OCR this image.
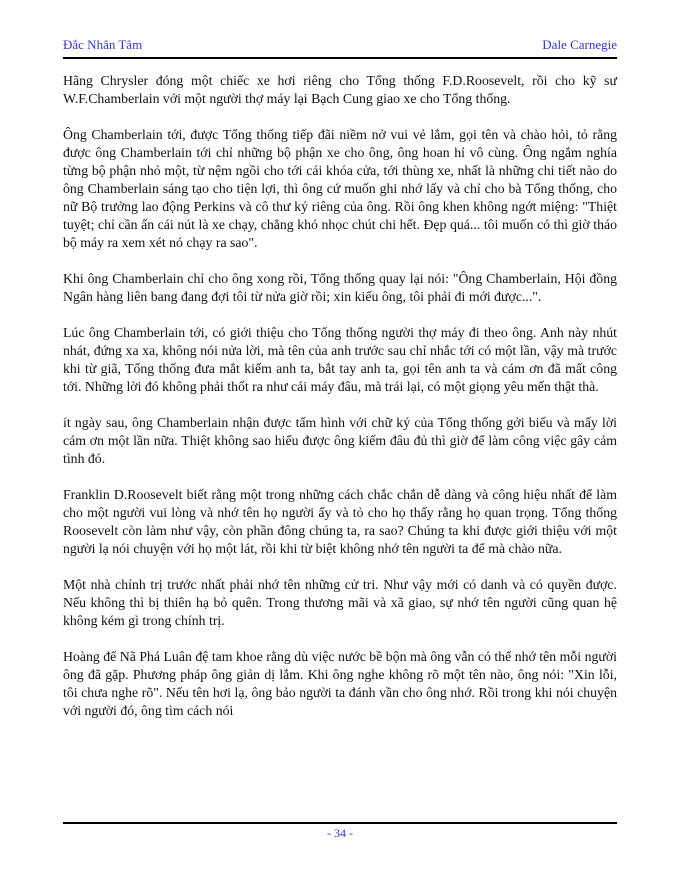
Đắc Nhân Tâm	Dale Carnegie

Hãng Chrysler đóng một chiếc xe hơi riêng cho Tổng thống F.D.Roosevelt, rồi cho kỹ sư W.F.Chamberlain với một người thợ máy lại Bạch Cung giao xe cho Tổng thống.

Ông Chamberlain tới, được Tổng thống tiếp đãi niềm nở vui vẻ lắm, gọi tên và chào hỏi, tỏ rằng được ông Chamberlain tới chỉ những bộ phận xe cho ông, ông hoan hỉ vô cùng. Ông ngắm nghía từng bộ phận nhỏ một, từ nệm ngồi cho tới cái khóa cửa, tới thùng xe, nhất là những chi tiết nào do ông Chamberlain sáng tạo cho tiện lợi, thì ông cứ muốn ghi nhớ lấy và chỉ cho bà Tổng thống, cho nữ Bộ trưởng lao động Perkins và cô thư ký riêng của ông. Rồi ông khen không ngớt miệng: "Thiệt tuyệt; chỉ cần ấn cái nút là xe chạy, chẳng khó nhọc chút chi hết. Đẹp quá... tôi muốn có thì giờ tháo bộ máy ra xem xét nó chạy ra sao".

Khi ông Chamberlain chỉ cho ông xong rồi, Tổng thống quay lại nói: "Ông Chamberlain, Hội đồng Ngân hàng liên bang đang đợi tôi từ nửa giờ rồi; xin kiếu ông, tôi phải đi mới được...".

Lúc ông Chamberlain tới, có giới thiệu cho Tổng thống người thợ máy đi theo ông. Anh này nhút nhát, đứng xa xa, không nói nửa lời, mà tên của anh trước sau chỉ nhắc tới có một lần, vậy mà trước khi từ giã, Tổng thống đưa mắt kiếm anh ta, bắt tay anh ta, gọi tên anh ta và cám ơn đã mất công tới. Những lời đó không phải thốt ra như cái máy đâu, mà trái lại, có một giọng yêu mến thật thà.

ít ngày sau, ông Chamberlain nhận được tấm hình với chữ ký của Tổng thống gởi biếu và mấy lời cám ơn một lần nữa. Thiệt không sao hiểu được ông kiếm đâu đủ thì giờ để làm công việc gây cảm tình đó.

Franklin D.Roosevelt biết rằng một trong những cách chắc chắn dễ dàng và công hiệu nhất để làm cho một người vui lòng và nhớ tên họ người ấy và tỏ cho họ thấy rằng họ quan trọng. Tổng thống Roosevelt còn làm như vậy, còn phần đông chúng ta, ra sao? Chúng ta khi được giới thiệu với một người lạ nói chuyện với họ một lát, rồi khi từ biệt không nhớ tên người ta để mà chào nữa.

Một nhà chính trị trước nhất phải nhớ tên những cử tri. Như vậy mới có danh và có quyền được. Nếu không thì bị thiên hạ bỏ quên. Trong thương mãi và xã giao, sự nhớ tên người cũng quan hệ không kém gì trong chính trị.

Hoàng đế Nã Phá Luân đệ tam khoe rằng dù việc nước bề bộn mà ông vẫn có thể nhớ tên mỗi người ông đã gặp. Phương pháp ông giản dị lắm. Khi ông nghe không rõ một tên nào, ông nói: "Xin lỗi, tôi chưa nghe rõ". Nếu tên hơi lạ, ông bảo người ta đánh vần cho ông nhớ. Rồi trong khi nói chuyện với người đó, ông tìm cách nói

- 34 -
